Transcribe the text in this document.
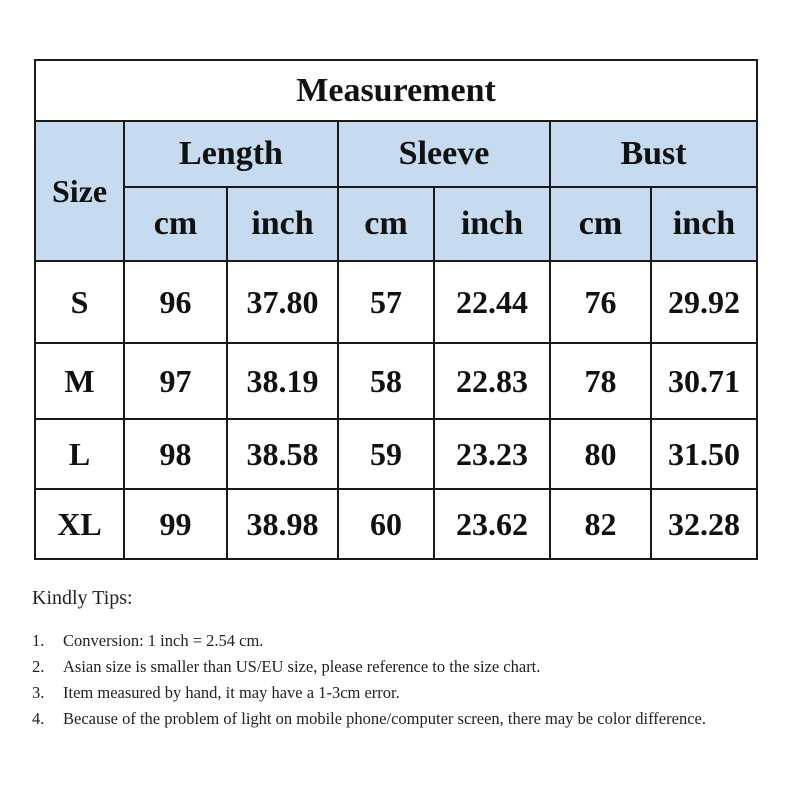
Measurement						
Size	Length		Sleeve		Bust	
	cm	inch	cm	inch	cm	inch
S	96	37.80	57	22.44	76	29.92
M	97	38.19	58	22.83	78	30.71
L	98	38.58	59	23.23	80	31.50
XL	99	38.98	60	23.62	82	32.28
Kindly Tips:
1.	Conversion: 1 inch = 2.54 cm.
2.	Asian size is smaller than US/EU size, please reference to the size chart.
3.	Item measured by hand, it may have a 1-3cm error.
4.	Because of the problem of light on mobile phone/computer screen, there may be color difference.
